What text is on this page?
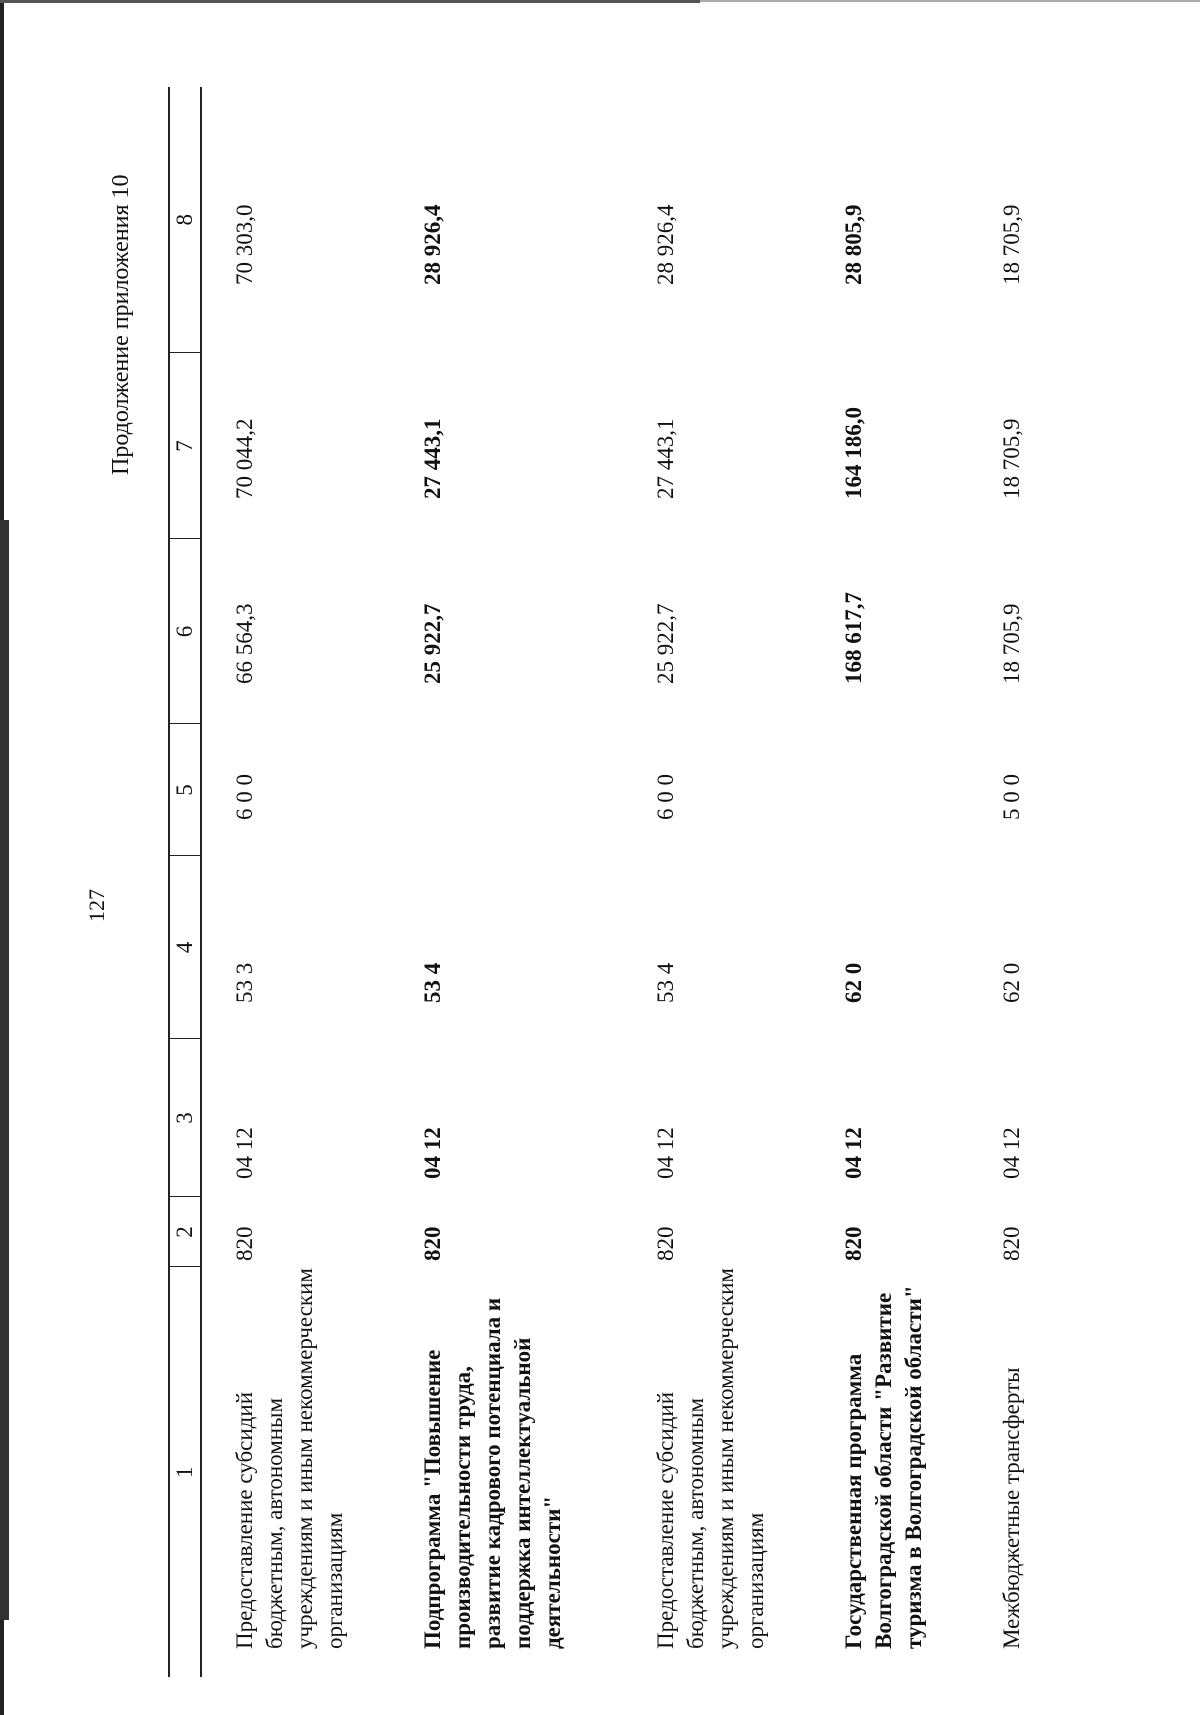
127
Продолжение приложения 10
1	2	3	4	5	6	7	8
Предоставление субсидий бюджетным, автономным учреждениям и иным некоммерческим организациям	820	04 12	53 3	6 0 0	66 564,3	70 044,2	70 303,0
Подпрограмма "Повышение производительности труда, развитие кадрового потенциала и поддержка интеллектуальной деятельности"	820	04 12	53 4		25 922,7	27 443,1	28 926,4
Предоставление субсидий бюджетным, автономным учреждениям и иным некоммерческим организациям	820	04 12	53 4	6 0 0	25 922,7	27 443,1	28 926,4
Государственная программа Волгоградской области "Развитие туризма в Волгоградской области"	820	04 12	62 0		168 617,7	164 186,0	28 805,9
Межбюджетные трансферты	820	04 12	62 0	5 0 0	18 705,9	18 705,9	18 705,9
